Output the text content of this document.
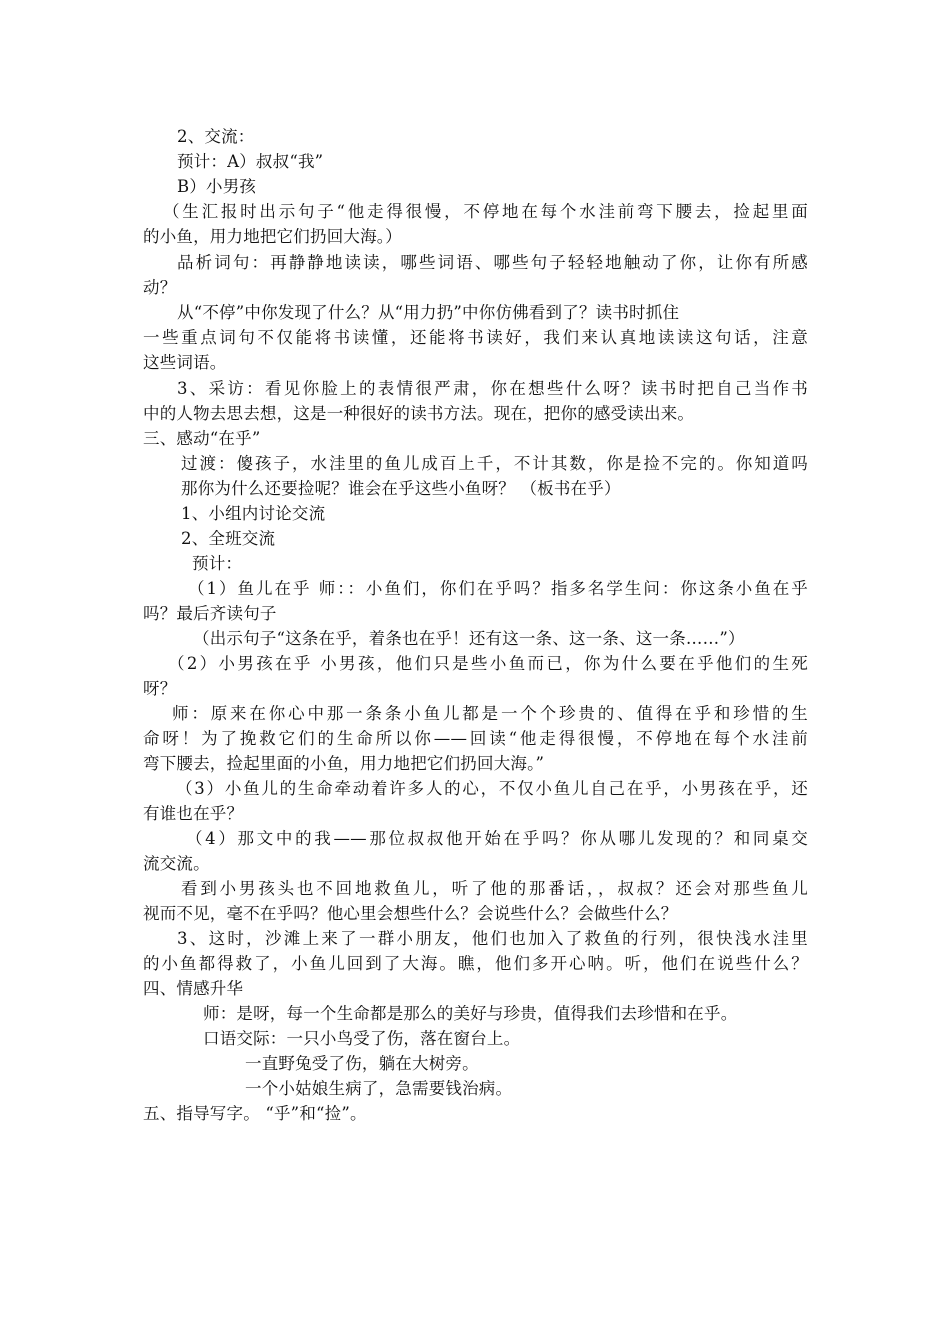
2、交流：
预计：A）叔叔“我”
B）小男孩
（生汇报时出示句子“他走得很慢，不停地在每个水洼前弯下腰去，捡起里面
的小鱼，用力地把它们扔回大海。）
品析词句：再静静地读读，哪些词语、哪些句子轻轻地触动了你，让你有所感
动？
从“不停”中你发现了什么？从“用力扔”中你仿佛看到了？读书时抓住
一些重点词句不仅能将书读懂，还能将书读好，我们来认真地读读这句话，注意
这些词语。
3、采访：看见你脸上的表情很严肃，你在想些什么呀？读书时把自己当作书
中的人物去思去想，这是一种很好的读书方法。现在，把你的感受读出来。
三、感动“在乎”
过渡：傻孩子，水洼里的鱼儿成百上千，不计其数，你是捡不完的。你知道吗
那你为什么还要捡呢？谁会在乎这些小鱼呀？ （板书在乎）
1、小组内讨论交流
2、全班交流
预计：
（1）鱼儿在乎 师：：小鱼们，你们在乎吗？指多名学生问：你这条小鱼在乎
吗？最后齐读句子
（出示句子“这条在乎，着条也在乎！还有这一条、这一条、这一条……”）
（2）小男孩在乎 小男孩，他们只是些小鱼而已，你为什么要在乎他们的生死
呀？
师：原来在你心中那一条条小鱼儿都是一个个珍贵的、值得在乎和珍惜的生
命呀！为了挽救它们的生命所以你——回读“他走得很慢，不停地在每个水洼前
弯下腰去，捡起里面的小鱼，用力地把它们扔回大海。”
（3）小鱼儿的生命牵动着许多人的心，不仅小鱼儿自己在乎，小男孩在乎，还
有谁也在乎？
（4）那文中的我——那位叔叔他开始在乎吗？你从哪儿发现的？和同桌交
流交流。
看到小男孩头也不回地救鱼儿，听了他的那番话，，叔叔？还会对那些鱼儿
视而不见，毫不在乎吗？他心里会想些什么？会说些什么？会做些什么？
3、这时，沙滩上来了一群小朋友，他们也加入了救鱼的行列，很快浅水洼里
的小鱼都得救了，小鱼儿回到了大海。瞧，他们多开心呐。听，他们在说些什么？
四、情感升华
师：是呀，每一个生命都是那么的美好与珍贵，值得我们去珍惜和在乎。
口语交际：一只小鸟受了伤，落在窗台上。
一直野兔受了伤，躺在大树旁。
一个小姑娘生病了，急需要钱治病。
五、指导写字。 “乎”和“捡”。
